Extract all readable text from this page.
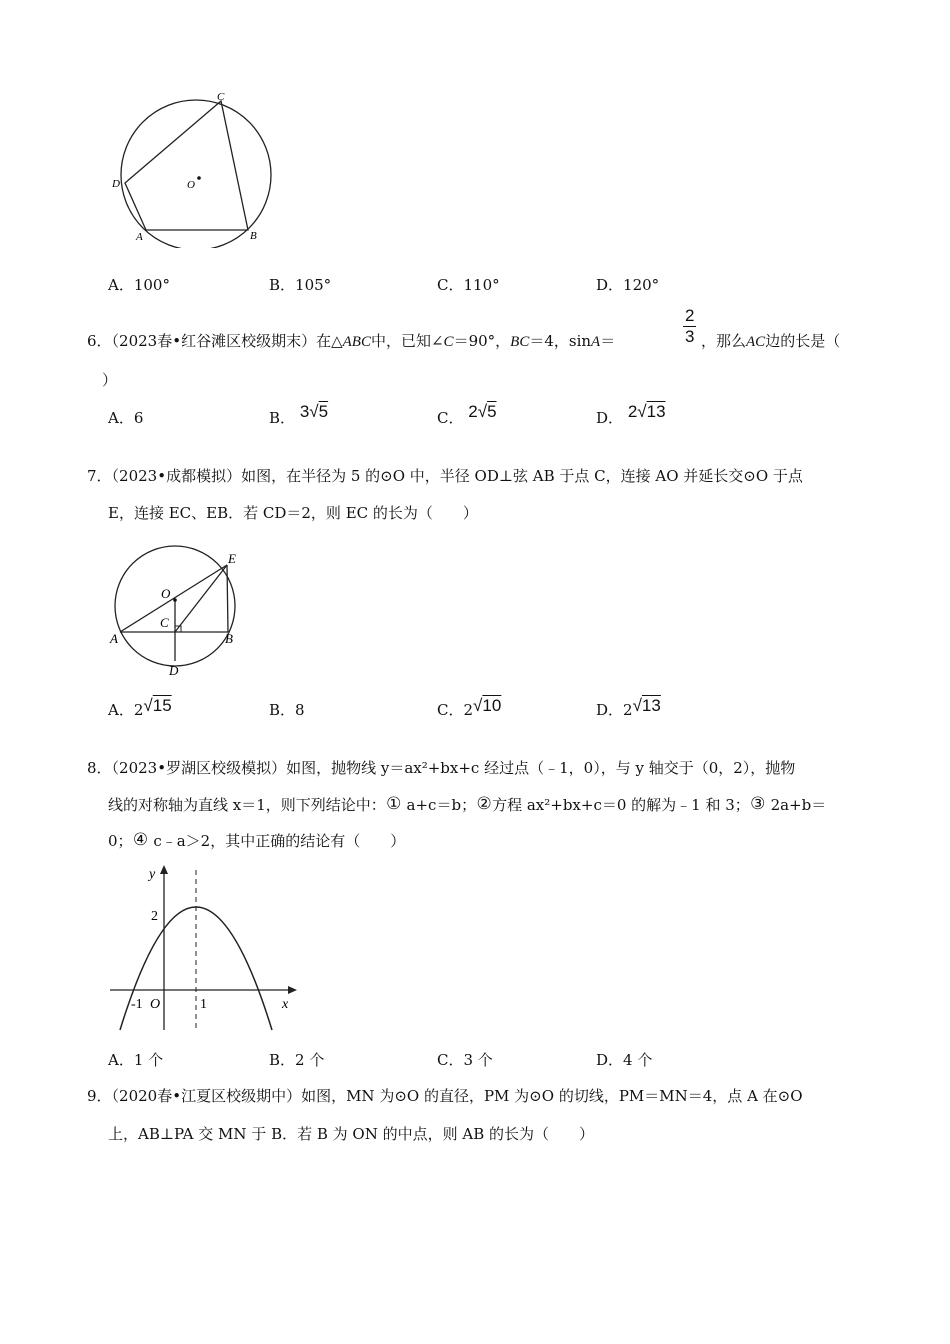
C
D	O
A	B
A．100°	B．105°	C．110°	D．120°
6．（2023春•红谷滩区校级期末）在△ABC中，已知∠C＝90°，BC＝4，sinA＝	$\frac{2}{3}$ ，那么AC边的长是（
）
A．6	B． 3√5	C． 2√5	D． 2√13
7．（2023•成都模拟）如图，在半径为 5 的⊙O 中，半径 OD⊥弦 AB 于点 C，连接 AO 并延长交⊙O 于点
E，连接 EC、EB．若 CD＝2，则 EC 的长为（　　）
E
O
C
A	B
D
A．2√15	B．8	C．2√10	D．2√13
8．（2023•罗湖区校级模拟）如图，抛物线 y＝ax²+bx+c 经过点（﹣1，0），与 y 轴交于（0，2），抛物
线的对称轴为直线 x＝1，则下列结论中：① a+c＝b；②方程 ax²+bx+c＝0 的解为﹣1 和 3；③ 2a+b＝
0；④ c﹣a＞2，其中正确的结论有（　　）
y
x
2
1
-1 O
A．1 个	B．2 个	C．3 个	D．4 个
9．（2020春•江夏区校级期中）如图，MN 为⊙O 的直径，PM 为⊙O 的切线，PM＝MN＝4，点 A 在⊙O
上，AB⊥PA 交 MN 于 B．若 B 为 ON 的中点，则 AB 的长为（　　）
